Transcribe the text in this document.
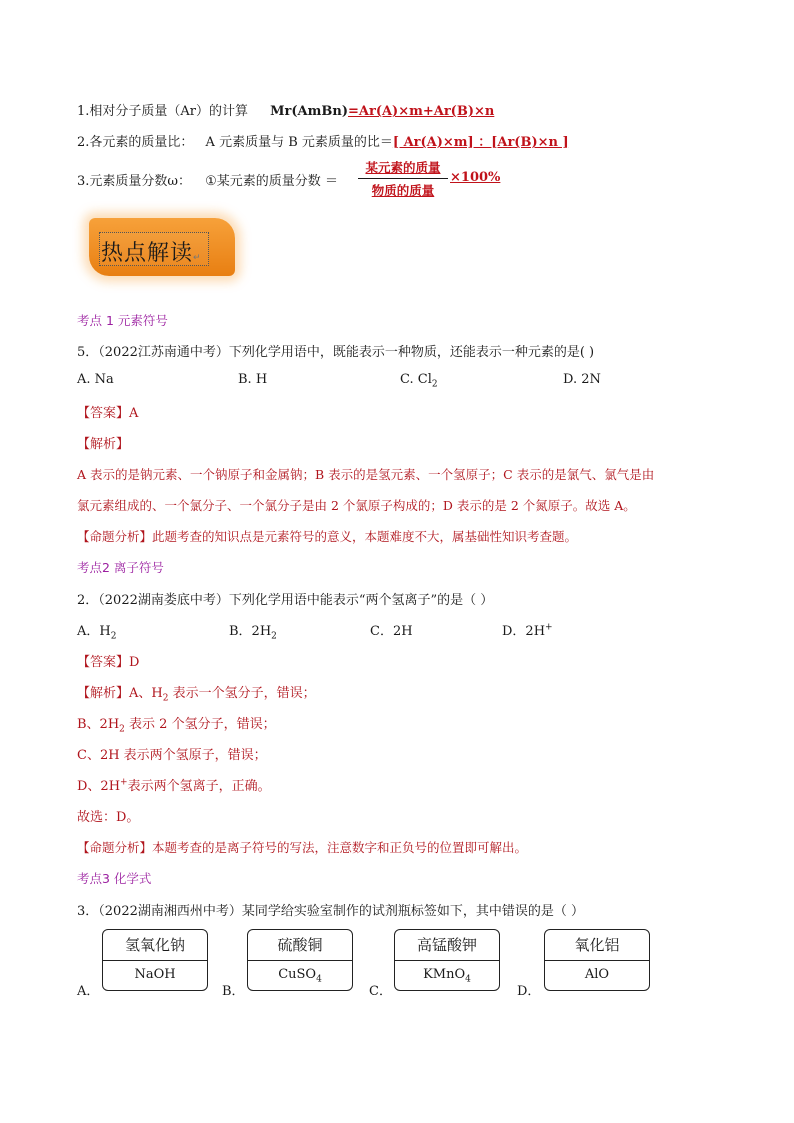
1.相对分子质量（Ar）的计算 Mr(AmBn)=Ar(A)×m+Ar(B)×n
2.各元素的质量比： A 元素质量与 B 元素质量的比＝[ Ar(A)×m] ：[Ar(B)×n ]
3.元素质量分数ω： ①某元素的质量分数 ＝
某元素的质量
物质的质量
×100%
热点解读↵
考点 1 元素符号
5．（2022江苏南通中考）下列化学用语中，既能表示一种物质，还能表示一种元素的是( )
A. Na	B. H	C. $Cl_2$	D. 2N
【答案】A
【解析】
A 表示的是钠元素、一个钠原子和金属钠；B 表示的是氢元素、一个氢原子；C 表示的是氯气、氯气是由
氯元素组成的、一个氯分子、一个氯分子是由 2 个氯原子构成的；D 表示的是 2 个氮原子。故选 A。
【命题分析】此题考查的知识点是元素符号的意义，本题难度不大，属基础性知识考查题。
考点2 离子符号
2．（2022湖南娄底中考）下列化学用语中能表示“两个氢离子”的是（ ）
A．$H_2$	B．$2H_2$	C．2H	D．2H+
【答案】D
【解析】A、$H_2$ 表示一个氢分子，错误；
B、$2H_2$ 表示 2 个氢分子，错误；
C、2H 表示两个氢原子，错误；
D、2H+表示两个氢离子，正确。
故选：D。
【命题分析】本题考查的是离子符号的写法，注意数字和正负号的位置即可解出。
考点3 化学式
3．（2022湖南湘西州中考）某同学给实验室制作的试剂瓶标签如下，其中错误的是（ ）
A．
氢氧化钠
NaOH
B．
硫酸铜
CuSO$_4$
C．
高锰酸钾
KMnO$_4$
D．
氧化铝
AlO
